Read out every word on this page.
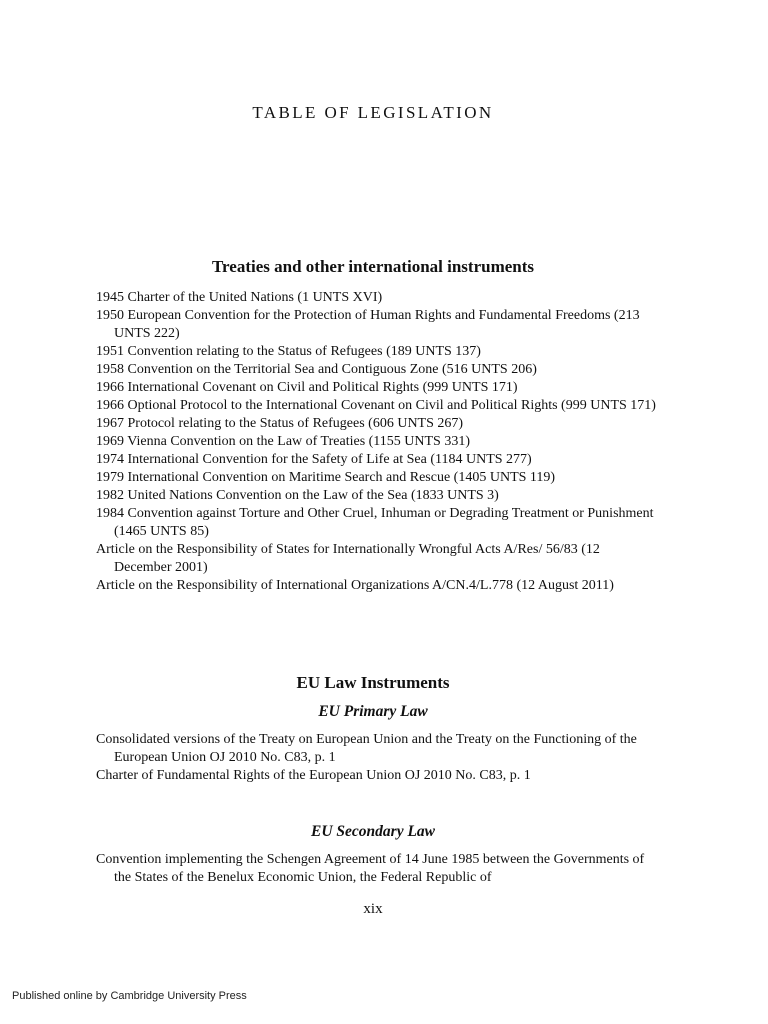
TABLE OF LEGISLATION
Treaties and other international instruments
1945 Charter of the United Nations (1 UNTS XVI)
1950 European Convention for the Protection of Human Rights and Fundamental Freedoms (213 UNTS 222)
1951 Convention relating to the Status of Refugees (189 UNTS 137)
1958 Convention on the Territorial Sea and Contiguous Zone (516 UNTS 206)
1966 International Covenant on Civil and Political Rights (999 UNTS 171)
1966 Optional Protocol to the International Covenant on Civil and Political Rights (999 UNTS 171)
1967 Protocol relating to the Status of Refugees (606 UNTS 267)
1969 Vienna Convention on the Law of Treaties (1155 UNTS 331)
1974 International Convention for the Safety of Life at Sea (1184 UNTS 277)
1979 International Convention on Maritime Search and Rescue (1405 UNTS 119)
1982 United Nations Convention on the Law of the Sea (1833 UNTS 3)
1984 Convention against Torture and Other Cruel, Inhuman or Degrading Treatment or Punishment (1465 UNTS 85)
Article on the Responsibility of States for Internationally Wrongful Acts A/Res/ 56/83 (12 December 2001)
Article on the Responsibility of International Organizations A/CN.4/L.778 (12 August 2011)
EU Law Instruments
EU Primary Law
Consolidated versions of the Treaty on European Union and the Treaty on the Functioning of the European Union OJ 2010 No. C83, p. 1
Charter of Fundamental Rights of the European Union OJ 2010 No. C83, p. 1
EU Secondary Law
Convention implementing the Schengen Agreement of 14 June 1985 between the Governments of the States of the Benelux Economic Union, the Federal Republic of
xix
Published online by Cambridge University Press
